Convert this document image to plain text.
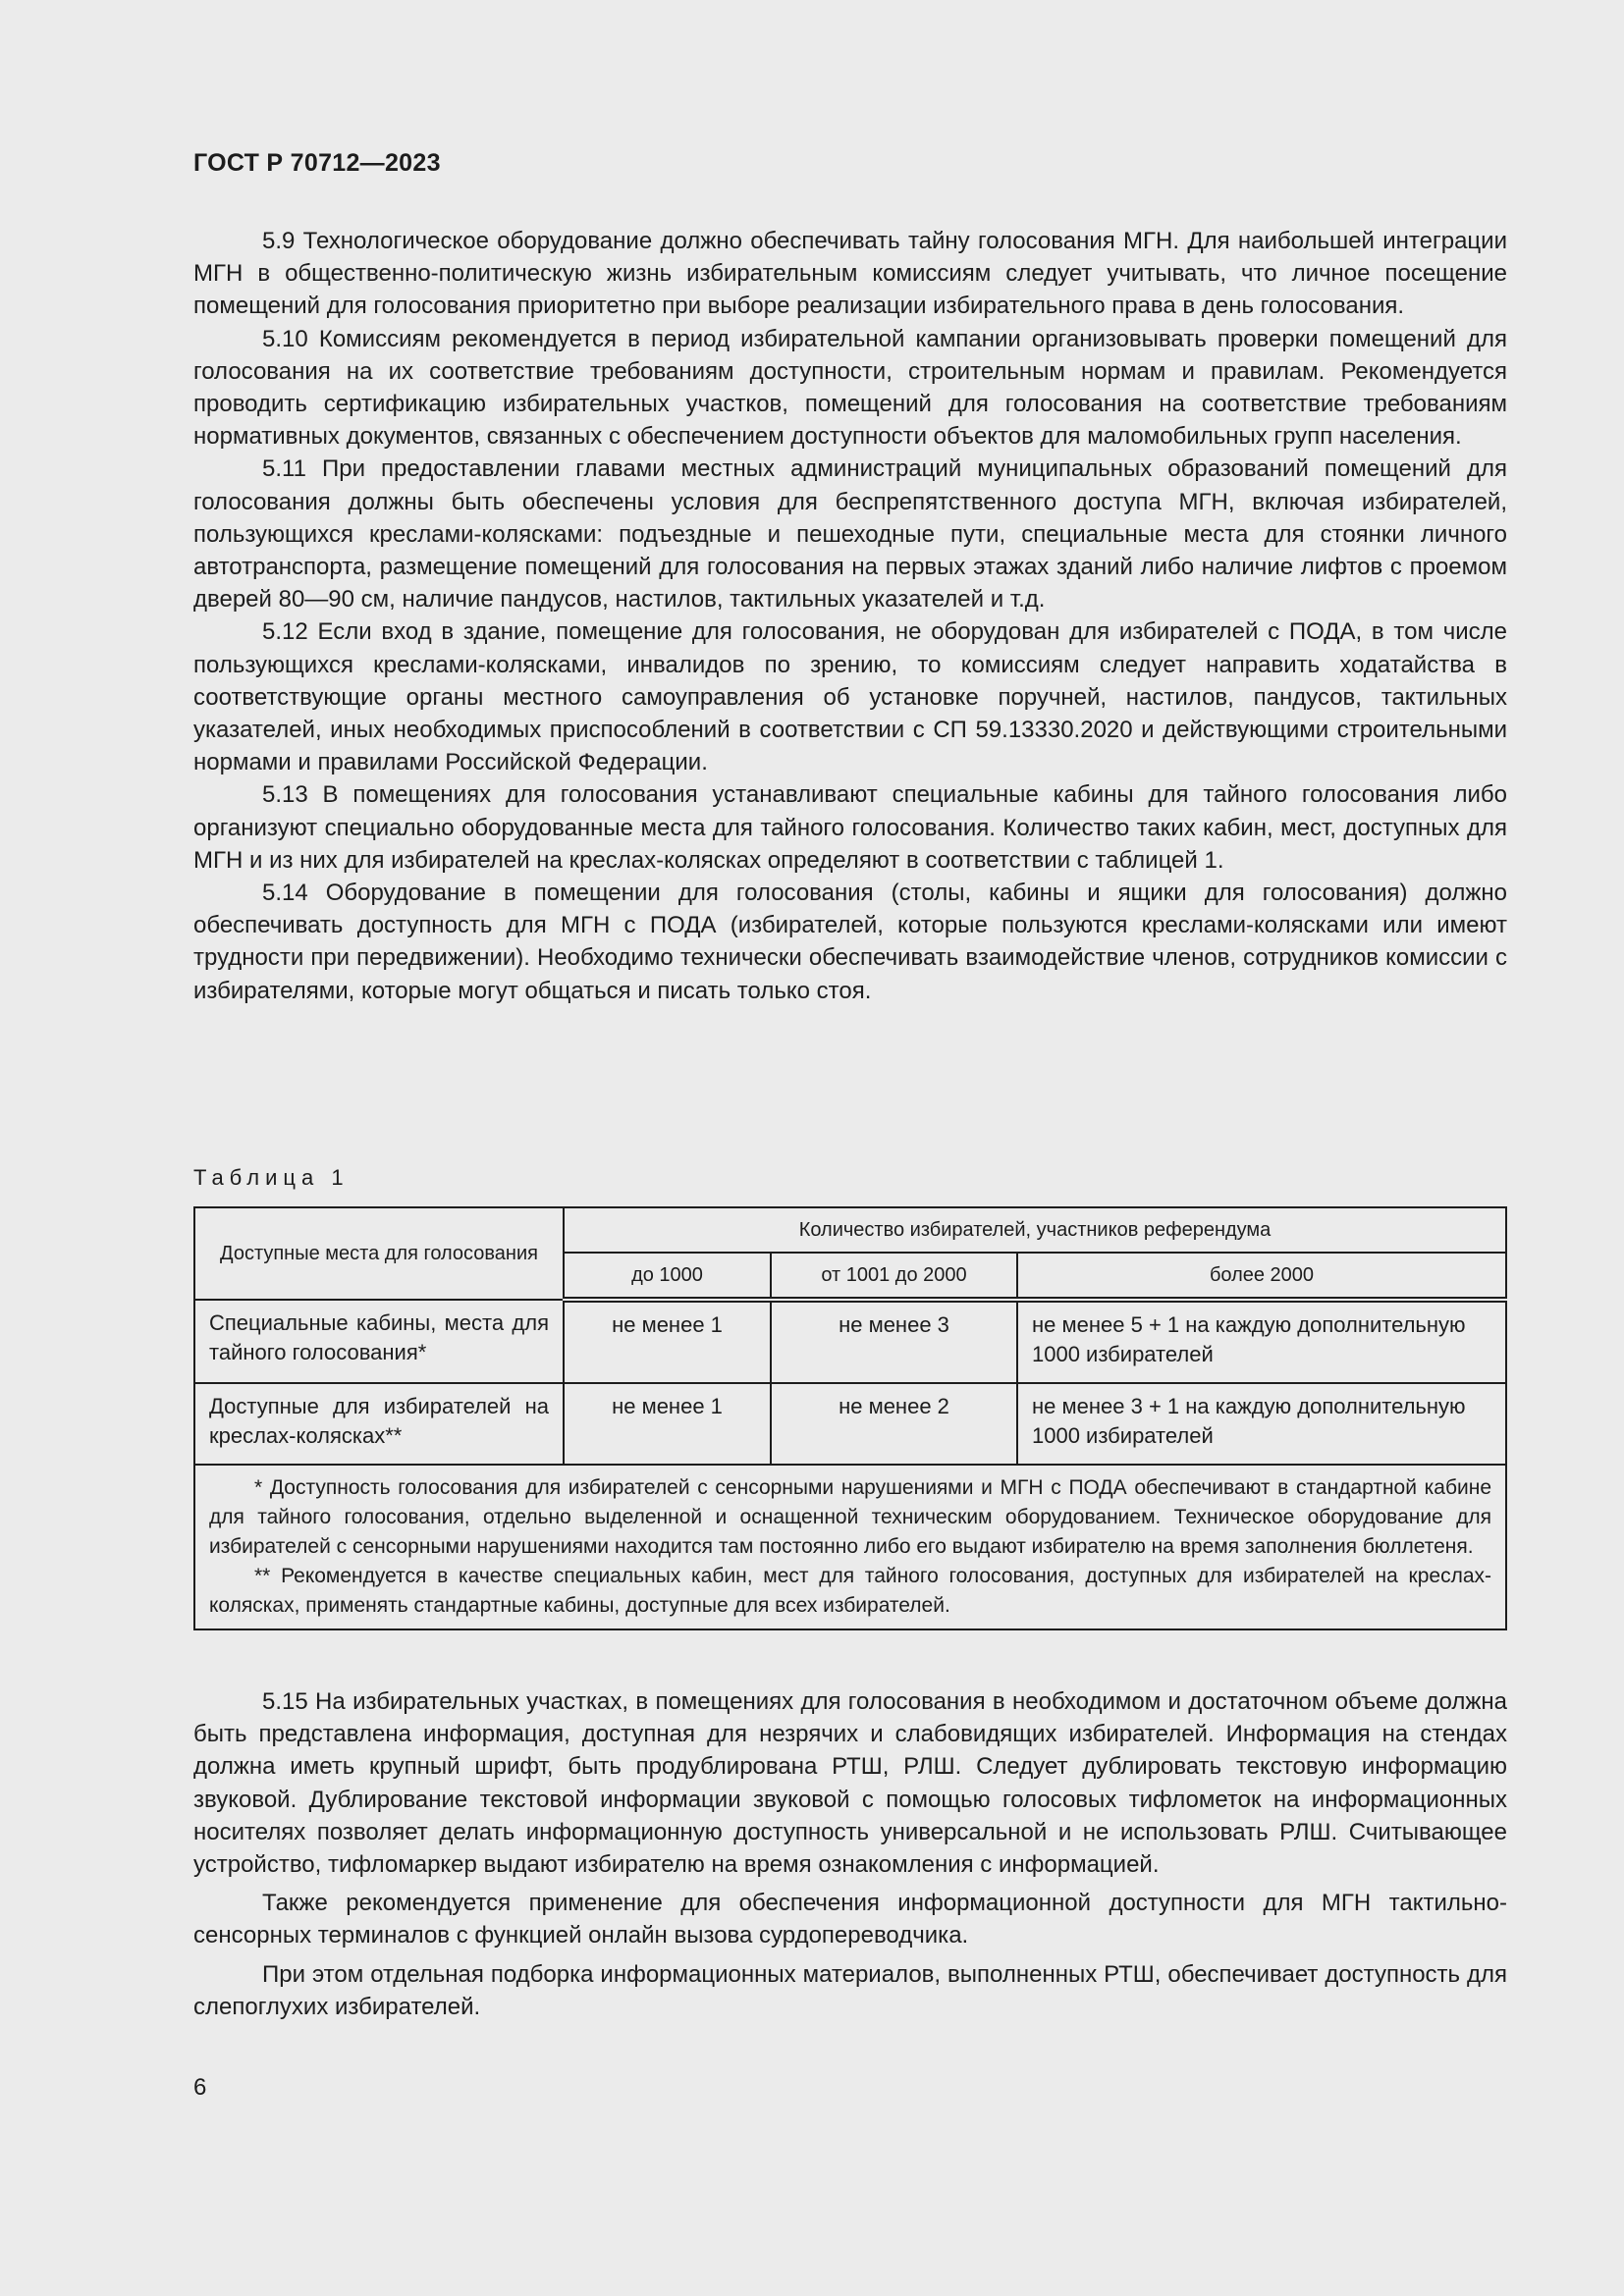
ГОСТ Р 70712—2023

5.9 Технологическое оборудование должно обеспечивать тайну голосования МГН. Для наибольшей интеграции МГН в общественно-политическую жизнь избирательным комиссиям следует учитывать, что личное посещение помещений для голосования приоритетно при выборе реализации избирательного права в день голосования.

5.10 Комиссиям рекомендуется в период избирательной кампании организовывать проверки помещений для голосования на их соответствие требованиям доступности, строительным нормам и правилам. Рекомендуется проводить сертификацию избирательных участков, помещений для голосования на соответствие требованиям нормативных документов, связанных с обеспечением доступности объектов для маломобильных групп населения.

5.11 При предоставлении главами местных администраций муниципальных образований помещений для голосования должны быть обеспечены условия для беспрепятственного доступа МГН, включая избирателей, пользующихся креслами-колясками: подъездные и пешеходные пути, специальные места для стоянки личного автотранспорта, размещение помещений для голосования на первых этажах зданий либо наличие лифтов с проемом дверей 80—90 см, наличие пандусов, настилов, тактильных указателей и т.д.

5.12 Если вход в здание, помещение для голосования, не оборудован для избирателей с ПОДА, в том числе пользующихся креслами-колясками, инвалидов по зрению, то комиссиям следует направить ходатайства в соответствующие органы местного самоуправления об установке поручней, настилов, пандусов, тактильных указателей, иных необходимых приспособлений в соответствии с СП 59.13330.2020 и действующими строительными нормами и правилами Российской Федерации.

5.13 В помещениях для голосования устанавливают специальные кабины для тайного голосования либо организуют специально оборудованные места для тайного голосования. Количество таких кабин, мест, доступных для МГН и из них для избирателей на креслах-колясках определяют в соответствии с таблицей 1.

5.14 Оборудование в помещении для голосования (столы, кабины и ящики для голосования) должно обеспечивать доступность для МГН с ПОДА (избирателей, которые пользуются креслами-колясками или имеют трудности при передвижении). Необходимо технически обеспечивать взаимодействие членов, сотрудников комиссии с избирателями, которые могут общаться и писать только стоя.

Таблица 1
Доступные места для голосования	Количество избирателей, участников референдума		
	до 1000	от 1001 до 2000	более 2000
Специальные кабины, места для тайного голосования*	не менее 1	не менее 3	не менее 5 + 1 на каждую дополнительную 1000 избирателей
Доступные для избирателей на креслах-колясках**	не менее 1	не менее 2	не менее 3 + 1 на каждую дополнительную 1000 избирателей

* Доступность голосования для избирателей с сенсорными нарушениями и МГН с ПОДА обеспечивают в стандартной кабине для тайного голосования, отдельно выделенной и оснащенной техническим оборудованием. Техническое оборудование для избирателей с сенсорными нарушениями находится там постоянно либо его выдают избирателю на время заполнения бюллетеня.

** Рекомендуется в качестве специальных кабин, мест для тайного голосования, доступных для избирателей на креслах-колясках, применять стандартные кабины, доступные для всех избирателей.			

5.15 На избирательных участках, в помещениях для голосования в необходимом и достаточном объеме должна быть представлена информация, доступная для незрячих и слабовидящих избирателей. Информация на стендах должна иметь крупный шрифт, быть продублирована РТШ, РЛШ. Следует дублировать текстовую информацию звуковой. Дублирование текстовой информации звуковой с помощью голосовых тифлометок на информационных носителях позволяет делать информационную доступность универсальной и не использовать РЛШ. Считывающее устройство, тифломаркер выдают избирателю на время ознакомления с информацией.

Также рекомендуется применение для обеспечения информационной доступности для МГН тактильно-сенсорных терминалов с функцией онлайн вызова сурдопереводчика.

При этом отдельная подборка информационных материалов, выполненных РТШ, обеспечивает доступность для слепоглухих избирателей.

6
